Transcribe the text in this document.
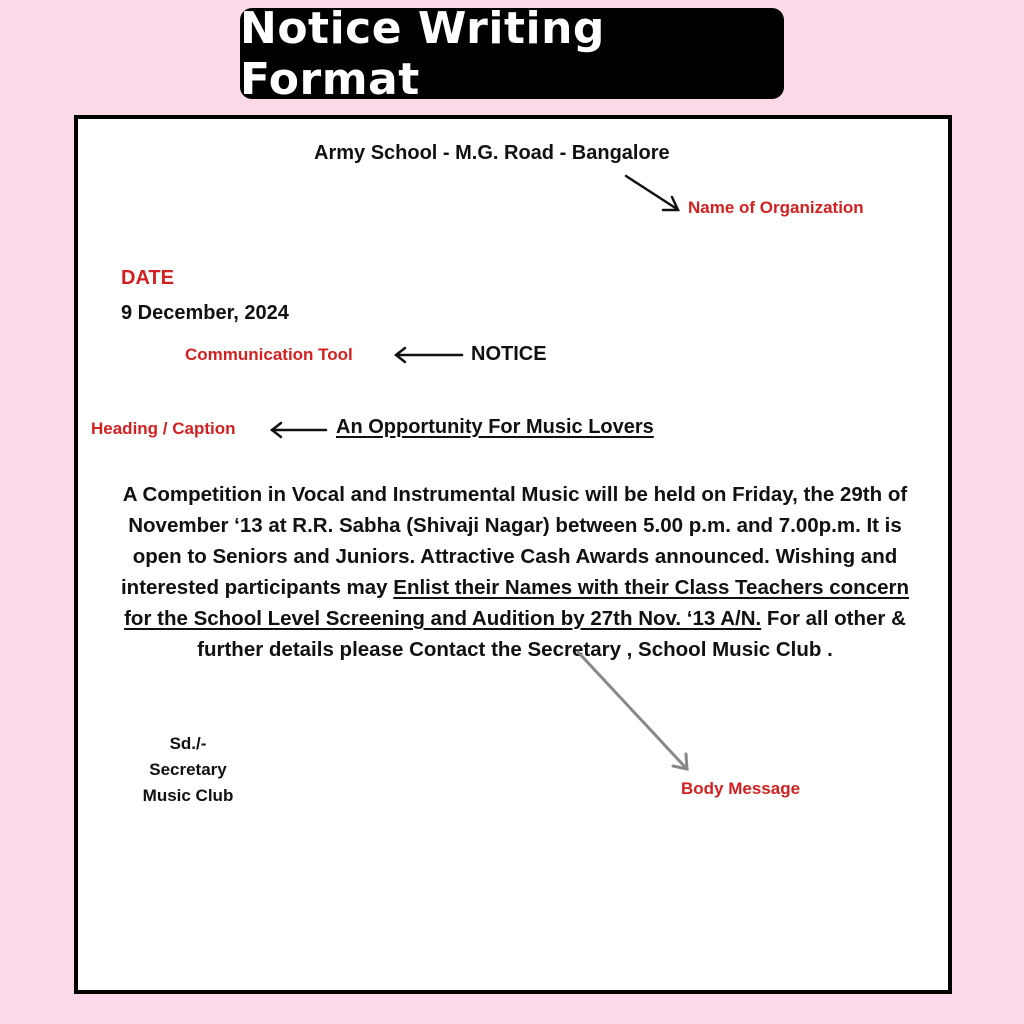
Notice Writing Format
Army School - M.G. Road - Bangalore
Name of Organization
DATE
9 December, 2024
Communication Tool	NOTICE
Heading / Caption	An Opportunity For Music Lovers
A Competition in Vocal and Instrumental Music will be held on Friday, the 29th of November ‘13 at R.R. Sabha (Shivaji Nagar) between 5.00 p.m. and 7.00p.m. It is open to Seniors and Juniors. Attractive Cash Awards announced. Wishing and interested participants may Enlist their Names with their Class Teachers concern for the School Level Screening and Audition by 27th Nov. ‘13 A/N. For all other & further details please Contact the Secretary , School Music Club .
Sd./-
Secretary
Music Club	Body Message
